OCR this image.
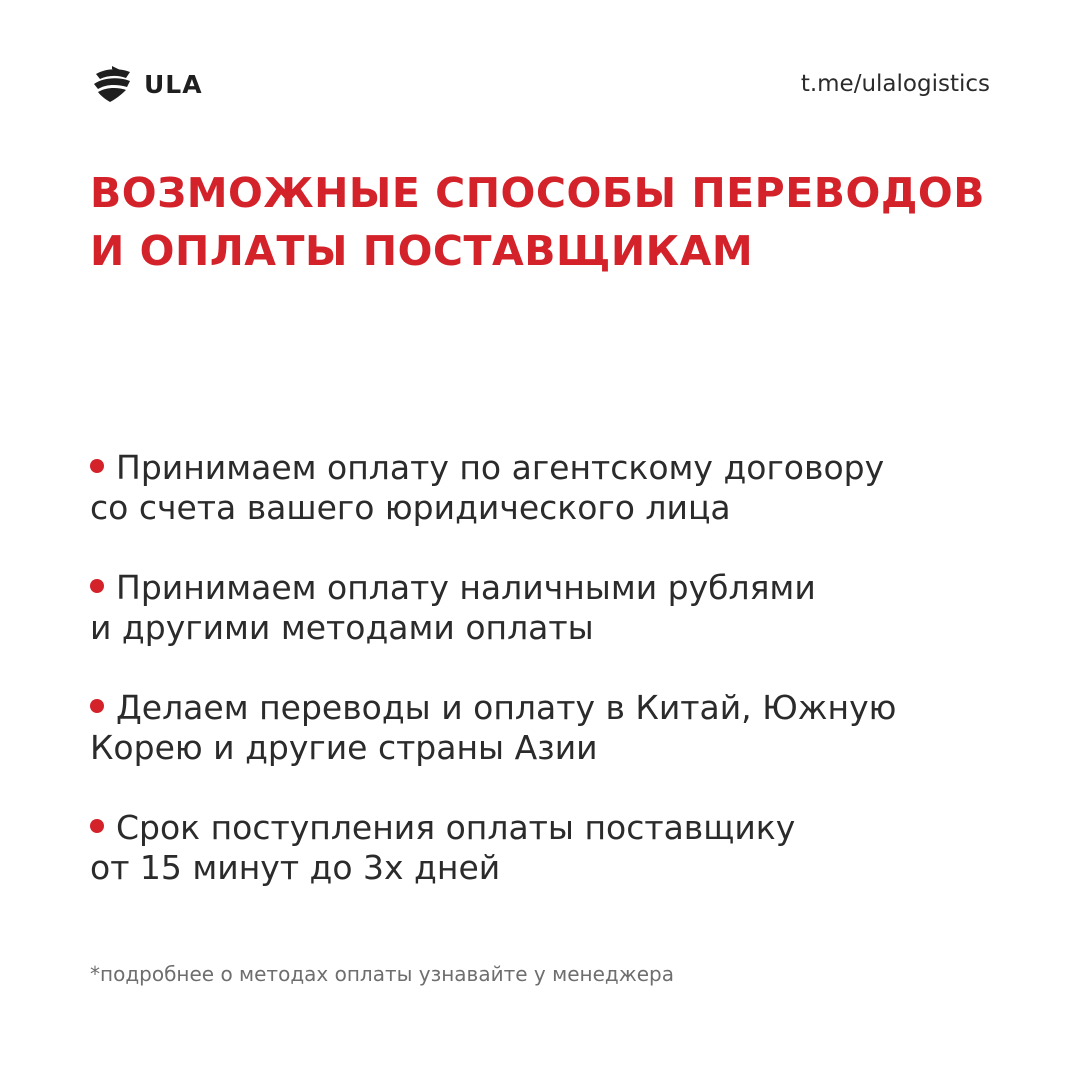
ULA	t.me/ulalogistics
ВОЗМОЖНЫЕ СПОСОБЫ ПЕРЕВОДОВ
И ОПЛАТЫ ПОСТАВЩИКАМ
Принимаем оплату по агентскому договору
со счета вашего юридического лица
Принимаем оплату наличными рублями
и другими методами оплаты
Делаем переводы и оплату в Китай, Южную
Корею и другие страны Азии
Срок поступления оплаты поставщику
от 15 минут до 3х дней
*подробнее о методах оплаты узнавайте у менеджера
